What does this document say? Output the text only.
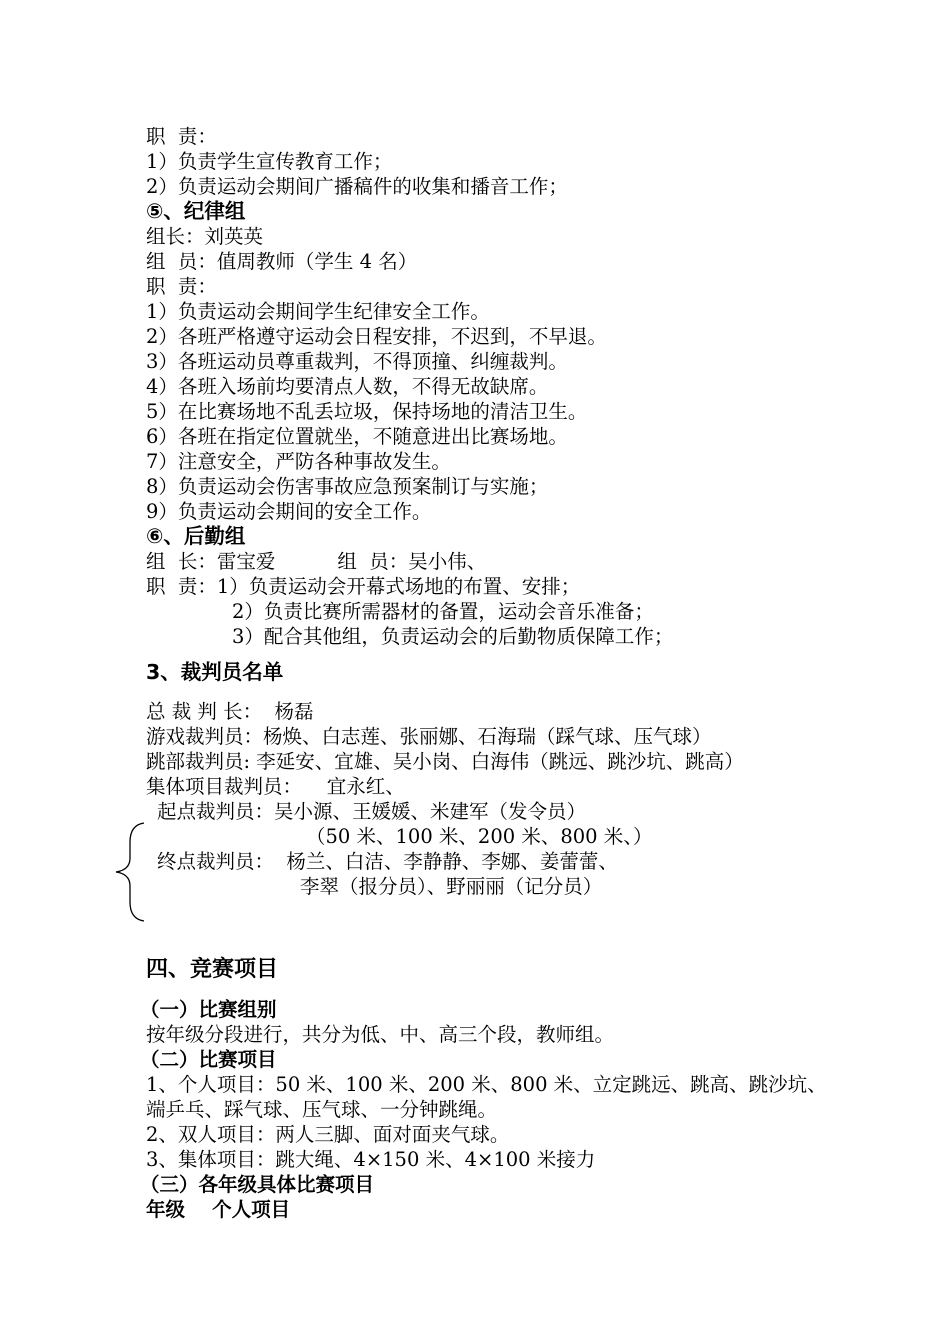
职  责：
1）负责学生宣传教育工作；
2）负责运动会期间广播稿件的收集和播音工作；
⑤、纪律组
组长：刘英英
组  员：值周教师（学生 4 名）
职  责：
1）负责运动会期间学生纪律安全工作。
2）各班严格遵守运动会日程安排，不迟到，不早退。
3）各班运动员尊重裁判，不得顶撞、纠缠裁判。
4）各班入场前均要清点人数，不得无故缺席。
5）在比赛场地不乱丢垃圾，保持场地的清洁卫生。
6）各班在指定位置就坐，不随意进出比赛场地。
7）注意安全，严防各种事故发生。
8）负责运动会伤害事故应急预案制订与实施；
9）负责运动会期间的安全工作。
⑥、后勤组
组  长：雷宝爱          组  员：吴小伟、
职  责：1）负责运动会开幕式场地的布置、安排；
2）负责比赛所需器材的备置，运动会音乐准备；
3）配合其他组，负责运动会的后勤物质保障工作；
3、裁判员名单
总 裁 判 长：  杨磊
游戏裁判员：杨焕、白志莲、张丽娜、石海瑞（踩气球、压气球）
跳部裁判员: 李延安、宜雄、吴小岗、白海伟（跳远、跳沙坑、跳高）
集体项目裁判员：    宜永红、
起点裁判员：吴小源、王媛媛、米建军（发令员）
（50 米、100 米、200 米、800 米、）
终点裁判员：  杨兰、白洁、李静静、李娜、姜蕾蕾、
李翠（报分员）、野丽丽（记分员）
四、竞赛项目
（一）比赛组别
按年级分段进行，共分为低、中、高三个段，教师组。
（二）比赛项目
1、个人项目：50 米、100 米、200 米、800 米、立定跳远、跳高、跳沙坑、
端乒乓、踩气球、压气球、一分钟跳绳。
2、双人项目：两人三脚、面对面夹气球。
3、集体项目：跳大绳、4×150 米、4×100 米接力
（三）各年级具体比赛项目
年级    个人项目
